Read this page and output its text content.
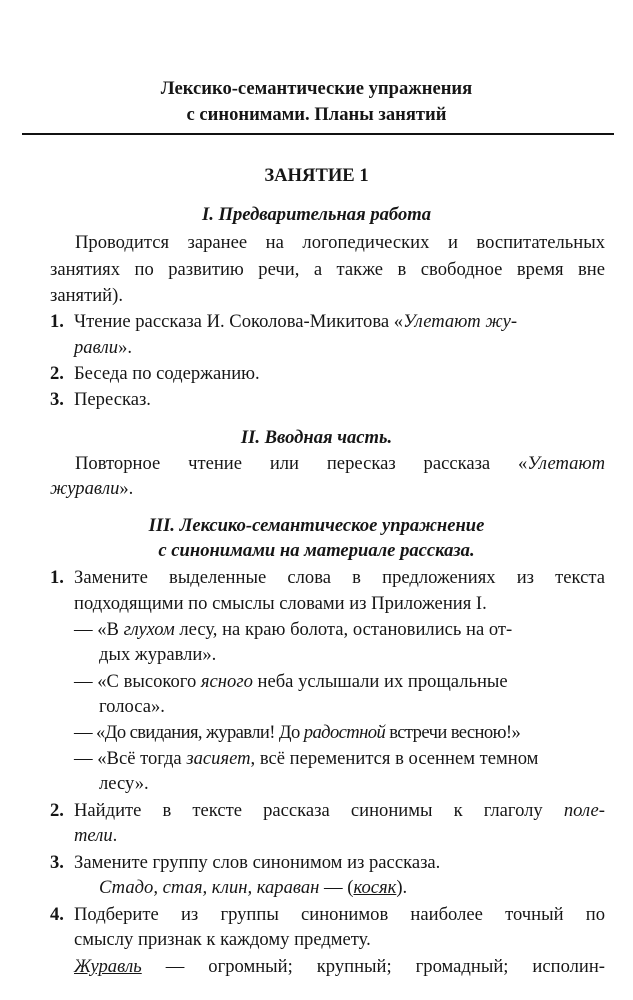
Лексико-семантические упражнения
с синонимами. Планы занятий
ЗАНЯТИЕ 1
I. Предварительная работа
Проводится заранее на логопедических и воспитательных
занятиях по развитию речи, а также в свободное время вне
занятий).
1. Чтение рассказа И. Соколова-Микитова «Улетают жу-
равли».
2. Беседа по содержанию.
3. Пересказ.
II. Вводная часть.
Повторное чтение или пересказ рассказа «Улетают
журавли».
III. Лексико-семантическое упражнение
с синонимами на материале рассказа.
1. Замените выделенные слова в предложениях из текста
подходящими по смыслы словами из Приложения I.
— «В глухом лесу, на краю болота, остановились на от-
дых журавли».
— «С высокого ясного неба услышали их прощальные
голоса».
— «До свидания, журавли! До радостной встречи весною!»
— «Всё тогда засияет, всё переменится в осеннем темном
лесу».
2. Найдите в тексте рассказа синонимы к глаголу поле-
тели.
3. Замените группу слов синонимом из рассказа.
Стадо, стая, клин, караван — (косяк).
4. Подберите из группы синонимов наиболее точный по
смыслу признак к каждому предмету.
Журавль — огромный; крупный; громадный; исполин-
